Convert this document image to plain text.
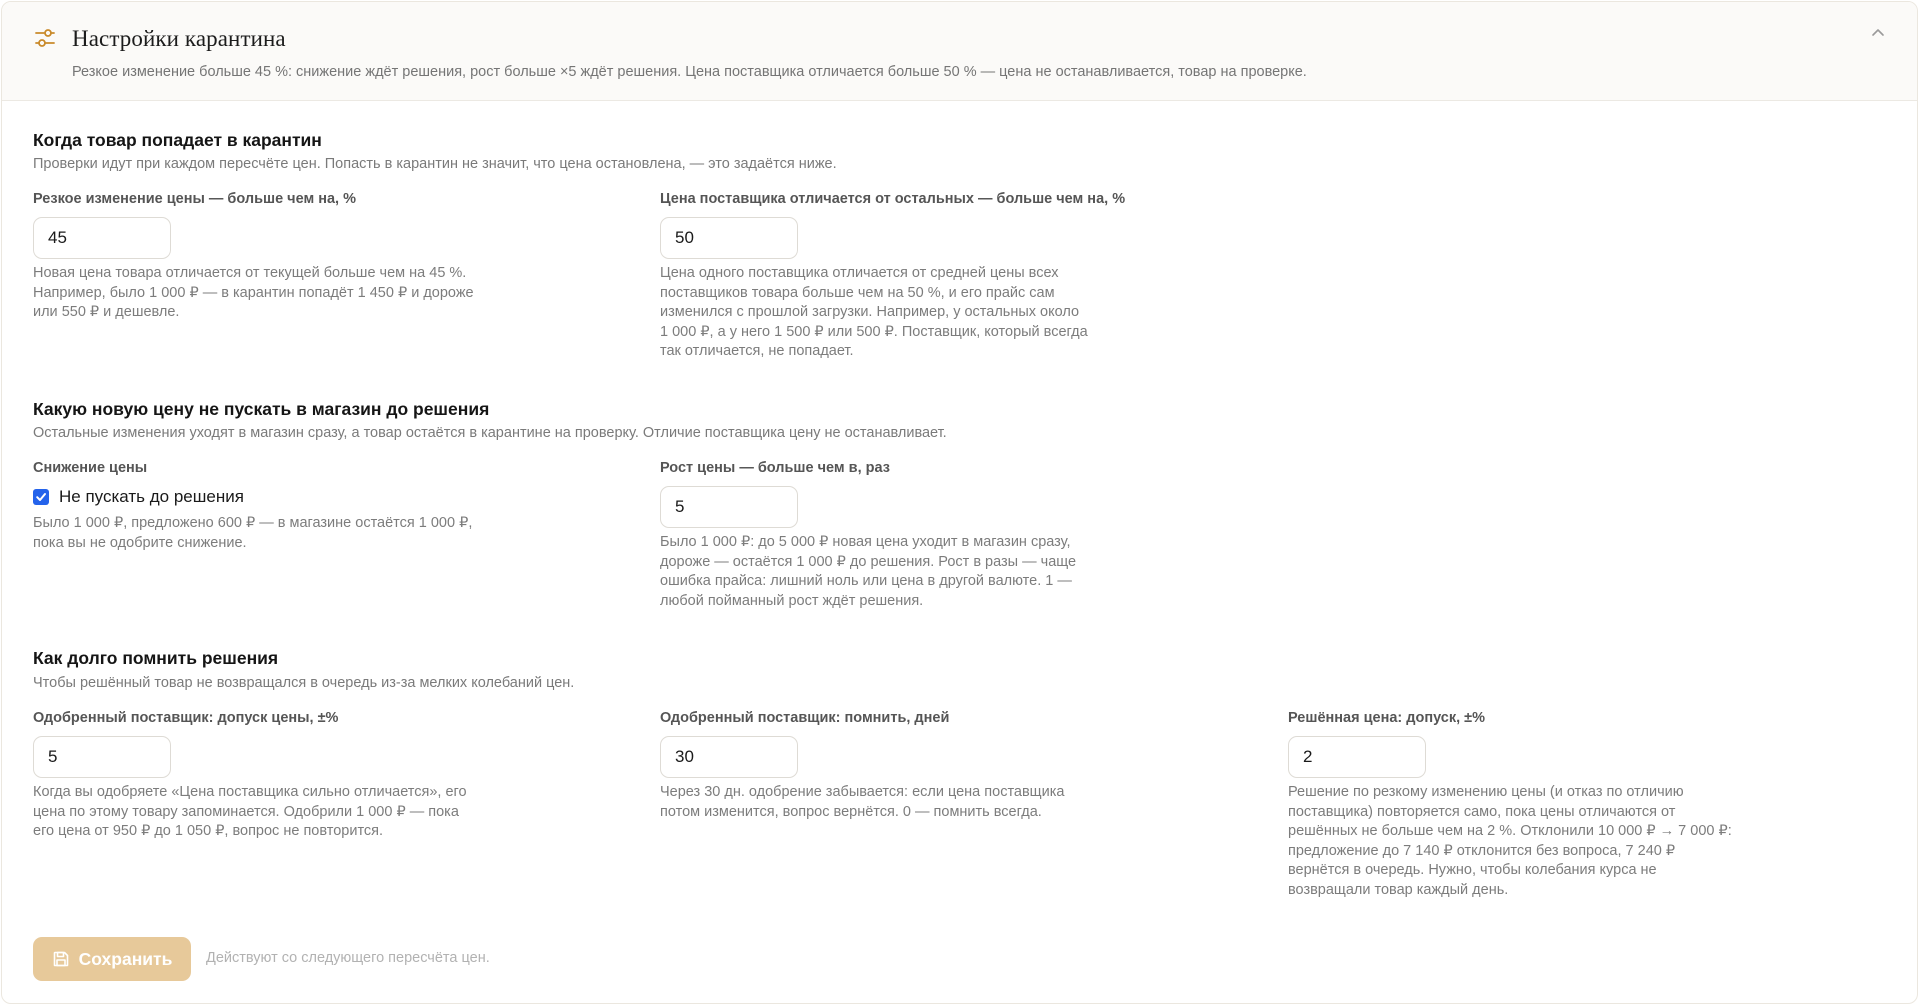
Настройки карантина
Резкое изменение больше 45 %: снижение ждёт решения, рост больше ×5 ждёт решения. Цена поставщика отличается больше 50 % — цена не останавливается, товар на проверке.
Когда товар попадает в карантин
Проверки идут при каждом пересчёте цен. Попасть в карантин не значит, что цена остановлена, — это задаётся ниже.
Резкое изменение цены — больше чем на, %
45
Новая цена товара отличается от текущей больше чем на 45 %.
Например, было 1 000 ₽ — в карантин попадёт 1 450 ₽ и дороже
или 550 ₽ и дешевле.
Цена поставщика отличается от остальных — больше чем на, %
50
Цена одного поставщика отличается от средней цены всех
поставщиков товара больше чем на 50 %, и его прайс сам
изменился с прошлой загрузки. Например, у остальных около
1 000 ₽, а у него 1 500 ₽ или 500 ₽. Поставщик, который всегда
так отличается, не попадает.
Какую новую цену не пускать в магазин до решения
Остальные изменения уходят в магазин сразу, а товар остаётся в карантине на проверку. Отличие поставщика цену не останавливает.
Снижение цены
Не пускать до решения
Было 1 000 ₽, предложено 600 ₽ — в магазине остаётся 1 000 ₽,
пока вы не одобрите снижение.
Рост цены — больше чем в, раз
5
Было 1 000 ₽: до 5 000 ₽ новая цена уходит в магазин сразу,
дороже — остаётся 1 000 ₽ до решения. Рост в разы — чаще
ошибка прайса: лишний ноль или цена в другой валюте. 1 —
любой пойманный рост ждёт решения.
Как долго помнить решения
Чтобы решённый товар не возвращался в очередь из-за мелких колебаний цен.
Одобренный поставщик: допуск цены, ±%
5
Когда вы одобряете «Цена поставщика сильно отличается», его
цена по этому товару запоминается. Одобрили 1 000 ₽ — пока
его цена от 950 ₽ до 1 050 ₽, вопрос не повторится.
Одобренный поставщик: помнить, дней
30
Через 30 дн. одобрение забывается: если цена поставщика
потом изменится, вопрос вернётся. 0 — помнить всегда.
Решённая цена: допуск, ±%
2
Решение по резкому изменению цены (и отказ по отличию
поставщика) повторяется само, пока цены отличаются от
решённых не больше чем на 2 %. Отклонили 10 000 ₽ → 7 000 ₽:
предложение до 7 140 ₽ отклонится без вопроса, 7 240 ₽
вернётся в очередь. Нужно, чтобы колебания курса не
возвращали товар каждый день.
Сохранить Действуют со следующего пересчёта цен.
